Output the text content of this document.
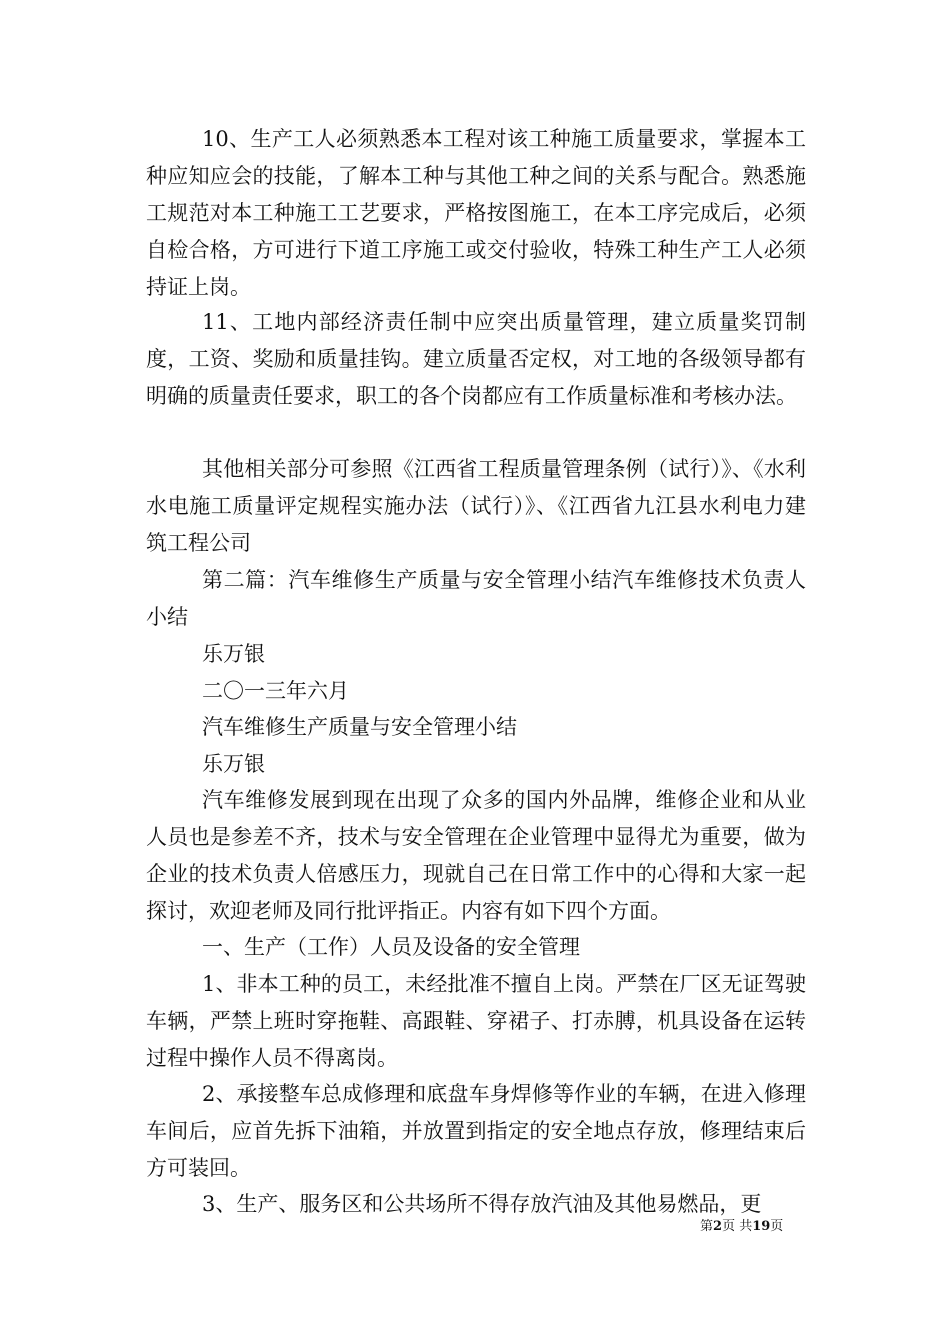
10、生产工人必须熟悉本工程对该工种施工质量要求，掌握本工种应知应会的技能，了解本工种与其他工种之间的关系与配合。熟悉施工规范对本工种施工工艺要求，严格按图施工，在本工序完成后，必须自检合格，方可进行下道工序施工或交付验收，特殊工种生产工人必须持证上岗。

11、工地内部经济责任制中应突出质量管理，建立质量奖罚制度，工资、奖励和质量挂钩。建立质量否定权，对工地的各级领导都有明确的质量责任要求，职工的各个岗都应有工作质量标准和考核办法。

其他相关部分可参照《江西省工程质量管理条例（试行）》、《水利水电施工质量评定规程实施办法（试行）》、《江西省九江县水利电力建筑工程公司

第二篇：汽车维修生产质量与安全管理小结汽车维修技术负责人小结

乐万银

二〇一三年六月

汽车维修生产质量与安全管理小结

乐万银

汽车维修发展到现在出现了众多的国内外品牌，维修企业和从业人员也是参差不齐，技术与安全管理在企业管理中显得尤为重要，做为企业的技术负责人倍感压力，现就自己在日常工作中的心得和大家一起探讨，欢迎老师及同行批评指正。内容有如下四个方面。

一、生产（工作）人员及设备的安全管理

1、非本工种的员工，未经批准不擅自上岗。严禁在厂区无证驾驶车辆，严禁上班时穿拖鞋、高跟鞋、穿裙子、打赤膊，机具设备在运转过程中操作人员不得离岗。

2、承接整车总成修理和底盘车身焊修等作业的车辆，在进入修理车间后，应首先拆下油箱，并放置到指定的安全地点存放，修理结束后方可装回。

3、生产、服务区和公共场所不得存放汽油及其他易燃品，更

第2页 共19页
